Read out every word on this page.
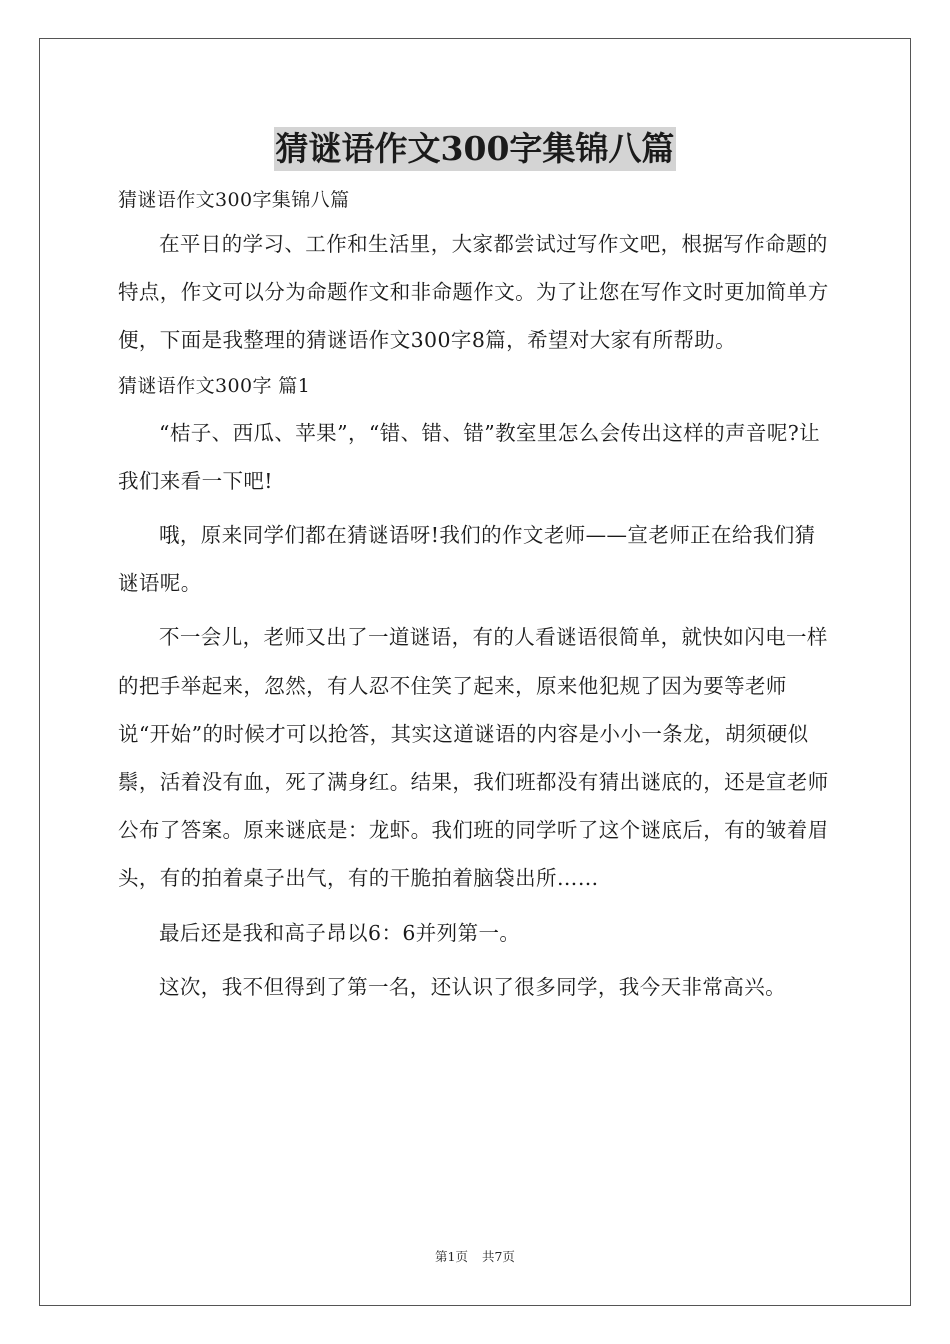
猜谜语作文300字集锦八篇

猜谜语作文300字集锦八篇

在平日的学习、工作和生活里，大家都尝试过写作文吧，根据写作命题的特点，作文可以分为命题作文和非命题作文。为了让您在写作文时更加简单方便，下面是我整理的猜谜语作文300字8篇，希望对大家有所帮助。

猜谜语作文300字 篇1

“桔子、西瓜、苹果”，“错、错、错”教室里怎么会传出这样的声音呢?让我们来看一下吧!

哦，原来同学们都在猜谜语呀!我们的作文老师——宣老师正在给我们猜谜语呢。

不一会儿，老师又出了一道谜语，有的人看谜语很简单，就快如闪电一样的把手举起来，忽然，有人忍不住笑了起来，原来他犯规了因为要等老师说“开始”的时候才可以抢答，其实这道谜语的内容是小小一条龙，胡须硬似鬃，活着没有血，死了满身红。结果，我们班都没有猜出谜底的，还是宣老师公布了答案。原来谜底是：龙虾。我们班的同学听了这个谜底后，有的皱着眉头，有的拍着桌子出气，有的干脆拍着脑袋出所……

最后还是我和高子昂以6：6并列第一。

这次，我不但得到了第一名，还认识了很多同学，我今天非常高兴。

第1页 共7页
